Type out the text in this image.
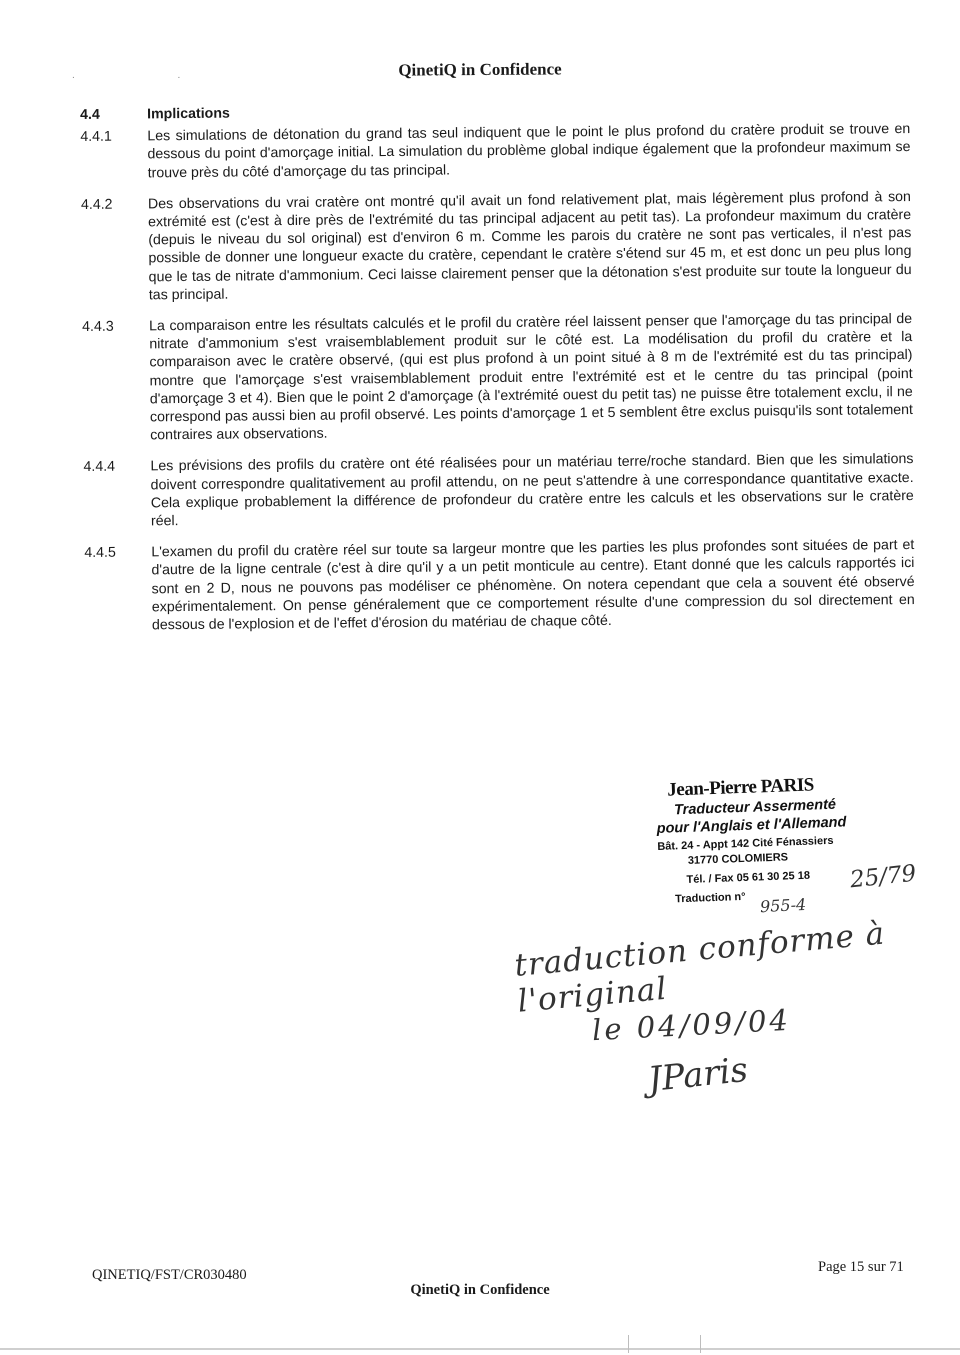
. .	QinetiQ in Confidence
4.4	Implications
4.4.1	Les simulations de détonation du grand tas seul indiquent que le point le plus profond du cratère produit se trouve en dessous du point d'amorçage initial. La simulation du problème global indique également que la profondeur maximum se trouve près du côté d'amorçage du tas principal.
4.4.2	Des observations du vrai cratère ont montré qu'il avait un fond relativement plat, mais légèrement plus profond à son extrémité est (c'est à dire près de l'extrémité du tas principal adjacent au petit tas). La profondeur maximum du cratère (depuis le niveau du sol original) est d'environ 6 m. Comme les parois du cratère ne sont pas verticales, il n'est pas possible de donner une longueur exacte du cratère, cependant le cratère s'étend sur 45 m, et est donc un peu plus long que le tas de nitrate d'ammonium. Ceci laisse clairement penser que la détonation s'est produite sur toute la longueur du tas principal.
4.4.3	La comparaison entre les résultats calculés et le profil du cratère réel laissent penser que l'amorçage du tas principal de nitrate d'ammonium s'est vraisemblablement produit sur le côté est. La modélisation du profil du cratère et la comparaison avec le cratère observé, (qui est plus profond à un point situé à 8 m de l'extrémité est du tas principal) montre que l'amorçage s'est vraisemblablement produit entre l'extrémité est et le centre du tas principal (point d'amorçage 3 et 4). Bien que le point 2 d'amorçage (à l'extrémité ouest du petit tas) ne puisse être totalement exclu, il ne correspond pas aussi bien au profil observé. Les points d'amorçage 1 et 5 semblent être exclus puisqu'ils sont totalement contraires aux observations.
4.4.4	Les prévisions des profils du cratère ont été réalisées pour un matériau terre/roche standard. Bien que les simulations doivent correspondre qualitativement au profil attendu, on ne peut s'attendre à une correspondance quantitative exacte. Cela explique probablement la différence de profondeur du cratère entre les calculs et les observations sur le cratère réel.
4.4.5	L'examen du profil du cratère réel sur toute sa largeur montre que les parties les plus profondes sont situées de part et d'autre de la ligne centrale (c'est à dire qu'il y a un petit monticule au centre). Etant donné que les calculs rapportés ici sont en 2 D, nous ne pouvons pas modéliser ce phénomène. On notera cependant que cela a souvent été observé expérimentalement. On pense généralement que ce comportement résulte d'une compression du sol directement en dessous de l'explosion et de l'effet d'érosion du matériau de chaque côté.
Jean-Pierre PARIS
Traducteur Assermenté
pour l'Anglais et l'Allemand
Bât. 24 - Appt 142 Cité Fénassiers
31770 COLOMIERS
Tél. / Fax 05 61 30 25 18
Traduction n°
25/79
955-4
traduction conforme à l'original
le 04/09/04
JParis
QINETIQ/FST/CR030480	Page 15 sur 71
QinetiQ in Confidence
